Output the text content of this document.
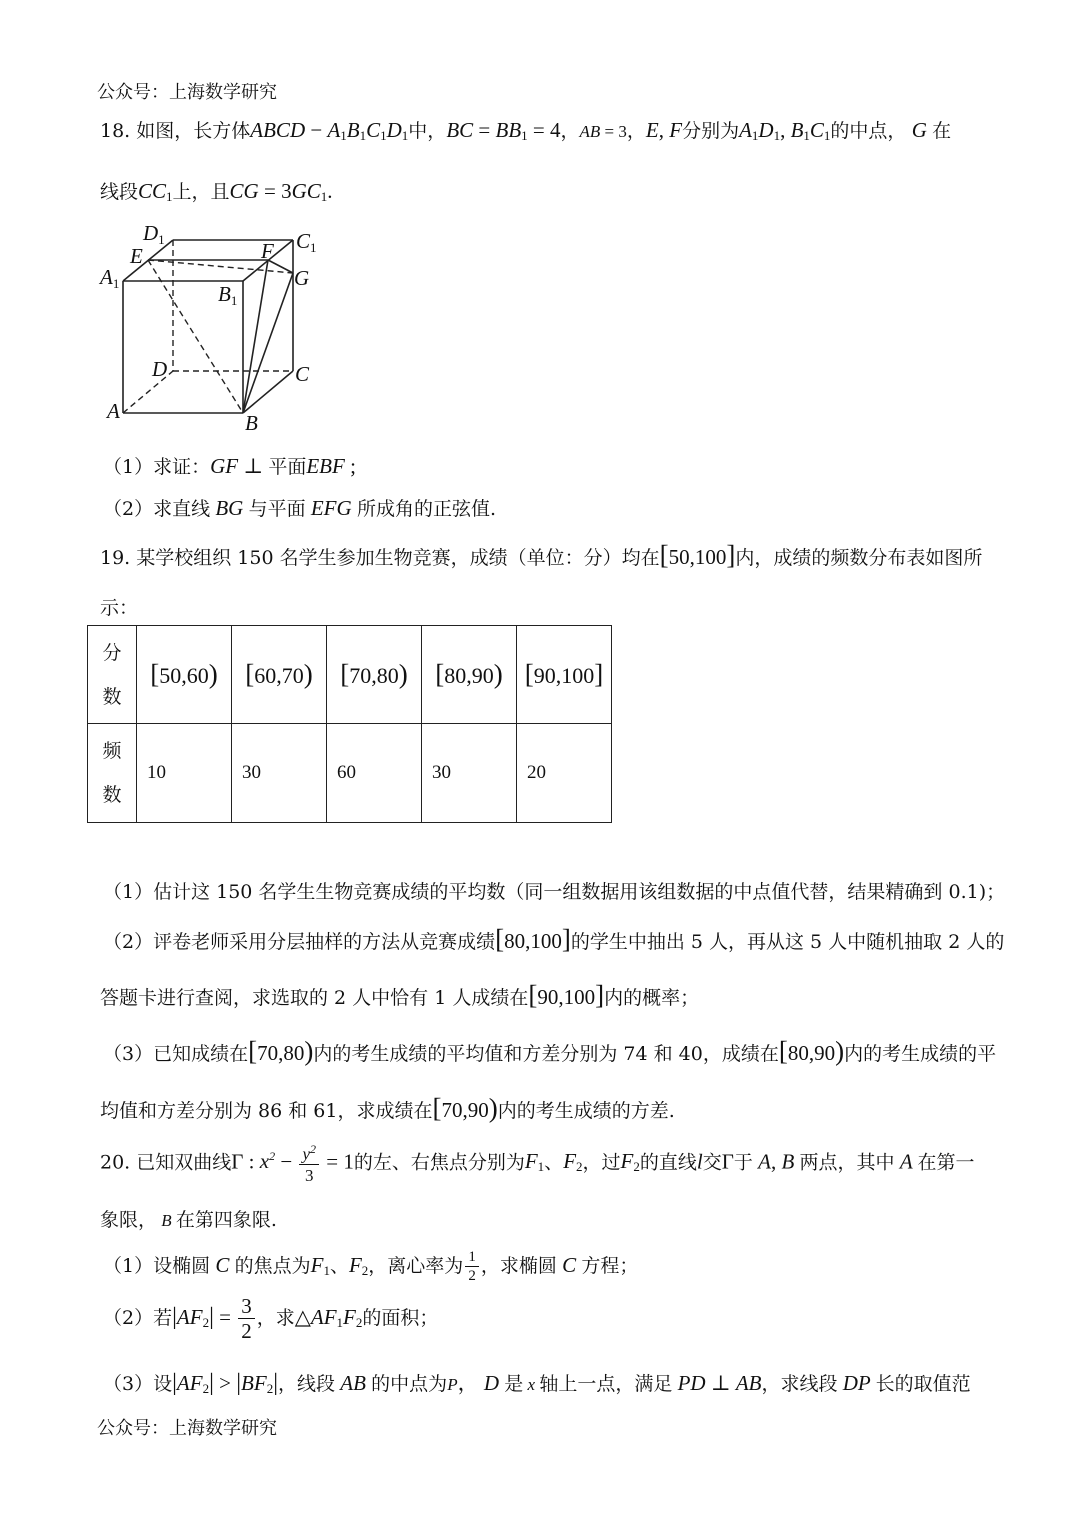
公众号：上海数学研究
18. 如图，长方体ABCD − $A_1B_1C_1D_1$中，BC = $BB_1 = 4$，AB = 3，E, F分别为$A_1D_1$, $B_1C_1$的中点， G 在
线段$CC_1$上，且CG = $3GC_1$.
D1	C1
E	F
A1	B1
G
D	C
A	B
（1）求证：GF ⊥ 平面EBF ;
（2）求直线 BG 与平面 EFG 所成角的正弦值.
19. 某学校组织 150 名学生参加生物竞赛，成绩（单位：分）均在[50,100]内，成绩的频数分布表如图所
示：
分
数	[50,60)	[60,70)	[70,80)	[80,90)	[90,100]
频
数	10	30	60	30	20
（1）估计这 150 名学生生物竞赛成绩的平均数（同一组数据用该组数据的中点值代替，结果精确到 0.1)；
（2）评卷老师采用分层抽样的方法从竞赛成绩[80,100]的学生中抽出 5 人，再从这 5 人中随机抽取 2 人的
答题卡进行查阅，求选取的 2 人中恰有 1 人成绩在[90,100]内的概率；
（3）已知成绩在[70,80)内的考生成绩的平均值和方差分别为 74 和 40，成绩在[80,90)内的考生成绩的平
均值和方差分别为 86 和 61，求成绩在[70,90)内的考生成绩的方差.
20. 已知双曲线Γ : $x^2 - \frac{y^2}{3} = 1$的左、右焦点分别为$F_1$、$F_2$，过$F_2$的直线l交Γ于 A, B 两点，其中 A 在第一
象限， B 在第四象限.
（1）设椭圆 C 的焦点为$F_1$、$F_2$，离心率为 $\frac{1}{2}$ ，求椭圆 C 方程；
（2）若$|AF_2| = \frac{3}{2}$ ，求$\triangle AF_1F_2$的面积；
（3）设$|AF_2| > |BF_2|$，线段 AB 的中点为P， D 是 x 轴上一点，满足 PD ⊥ AB，求线段 DP 长的取值范
公众号：上海数学研究
